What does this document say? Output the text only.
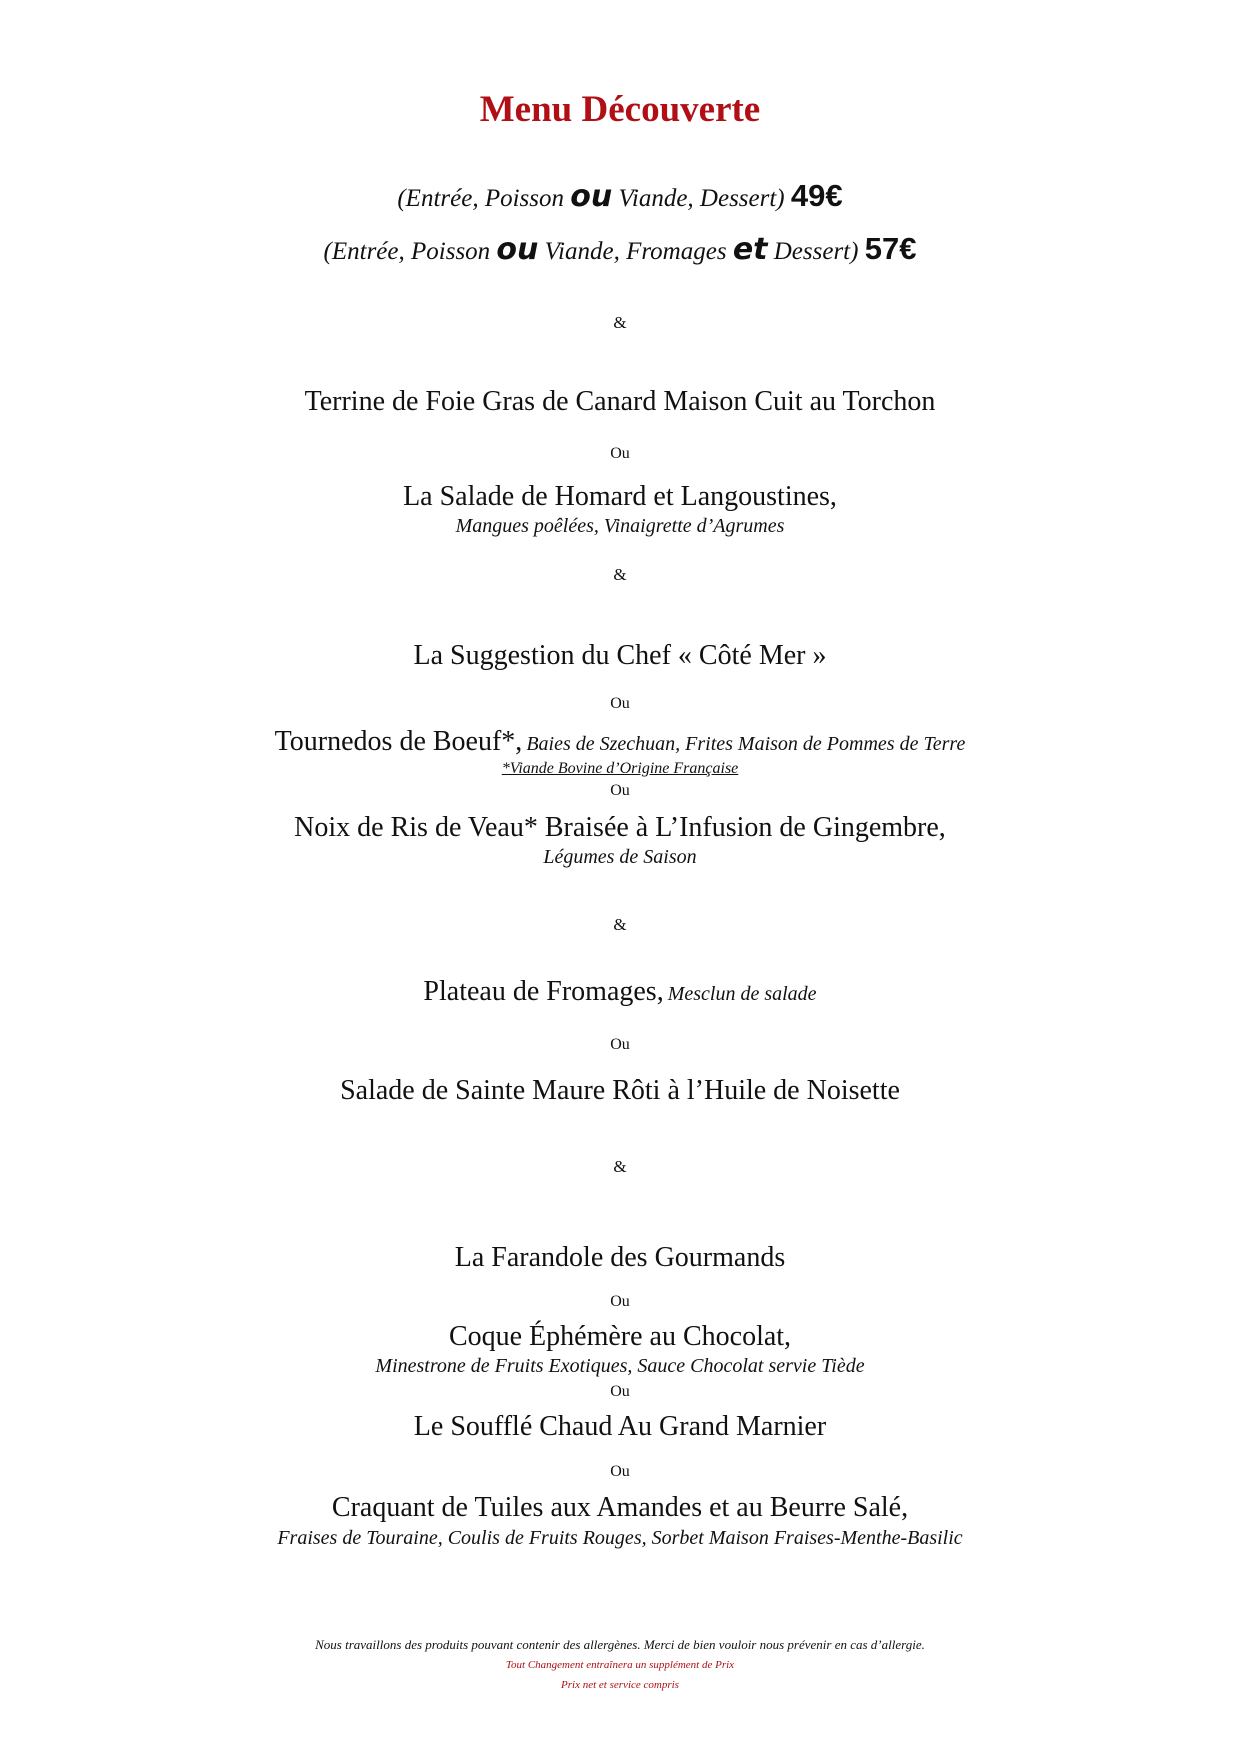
Menu Découverte
(Entrée, Poisson ou Viande, Dessert) 49€
(Entrée, Poisson ou Viande, Fromages et Dessert) 57€
&
Terrine de Foie Gras de Canard Maison Cuit au Torchon
Ou
La Salade de Homard et Langoustines,
Mangues poêlées, Vinaigrette d’Agrumes
&
La Suggestion du Chef « Côté Mer »
Ou
Tournedos de Boeuf*, Baies de Szechuan, Frites Maison de Pommes de Terre
*Viande Bovine d’Origine Française
Ou
Noix de Ris de Veau* Braisée à L’Infusion de Gingembre,
Légumes de Saison
&
Plateau de Fromages, Mesclun de salade
Ou
Salade de Sainte Maure Rôti à l’Huile de Noisette
&
La Farandole des Gourmands
Ou
Coque Éphémère au Chocolat,
Minestrone de Fruits Exotiques, Sauce Chocolat servie Tiède
Ou
Le Soufflé Chaud Au Grand Marnier
Ou
Craquant de Tuiles aux Amandes et au Beurre Salé,
Fraises de Touraine, Coulis de Fruits Rouges, Sorbet Maison Fraises-Menthe-Basilic
Nous travaillons des produits pouvant contenir des allergènes. Merci de bien vouloir nous prévenir en cas d’allergie.
Tout Changement entraînera un supplément de Prix
Prix net et service compris
